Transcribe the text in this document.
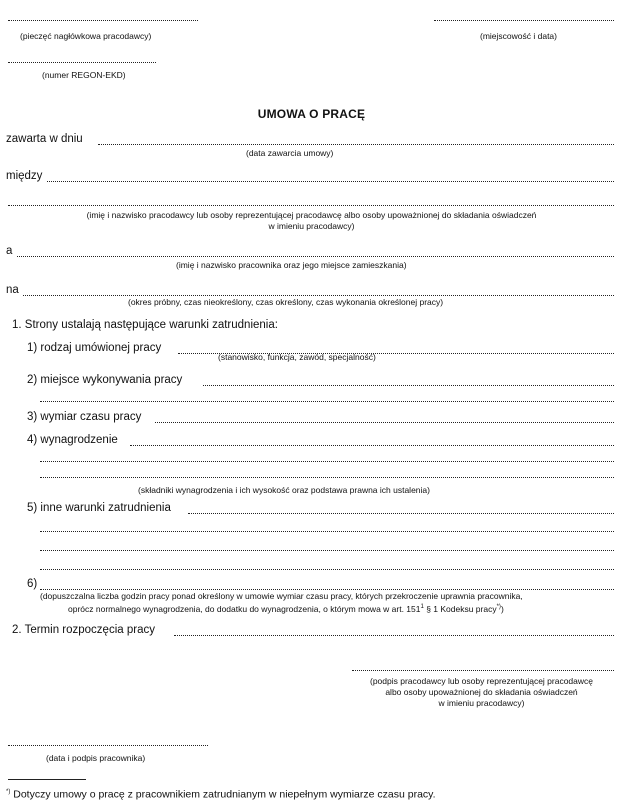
(pieczęć nagłówkowa pracodawcy)	(miejscowość i data)
(numer REGON-EKD)
UMOWA O PRACĘ
zawarta w dniu
(data zawarcia umowy)
między
(imię i nazwisko pracodawcy lub osoby reprezentującej pracodawcę albo osoby upoważnionej do składania oświadczeń
w imieniu pracodawcy)
a
(imię i nazwisko pracownika oraz jego miejsce zamieszkania)
na
(okres próbny, czas nieokreślony, czas określony, czas wykonania określonej pracy)
1. Strony ustalają następujące warunki zatrudnienia:
1) rodzaj umówionej pracy
(stanowisko, funkcja, zawód, specjalność)
2) miejsce wykonywania pracy
3) wymiar czasu pracy
4) wynagrodzenie
(składniki wynagrodzenia i ich wysokość oraz podstawa prawna ich ustalenia)
5) inne warunki zatrudnienia
6)
(dopuszczalna liczba godzin pracy ponad określony w umowie wymiar czasu pracy, których przekroczenie uprawnia pracownika,
oprócz normalnego wynagrodzenia, do dodatku do wynagrodzenia, o którym mowa w art. $151^1$ § 1 Kodeksu pracy*))
2. Termin rozpoczęcia pracy
(podpis pracodawcy lub osoby reprezentującej pracodawcę
albo osoby upoważnionej do składania oświadczeń
w imieniu pracodawcy)
(data i podpis pracownika)
*) Dotyczy umowy o pracę z pracownikiem zatrudnianym w niepełnym wymiarze czasu pracy.
